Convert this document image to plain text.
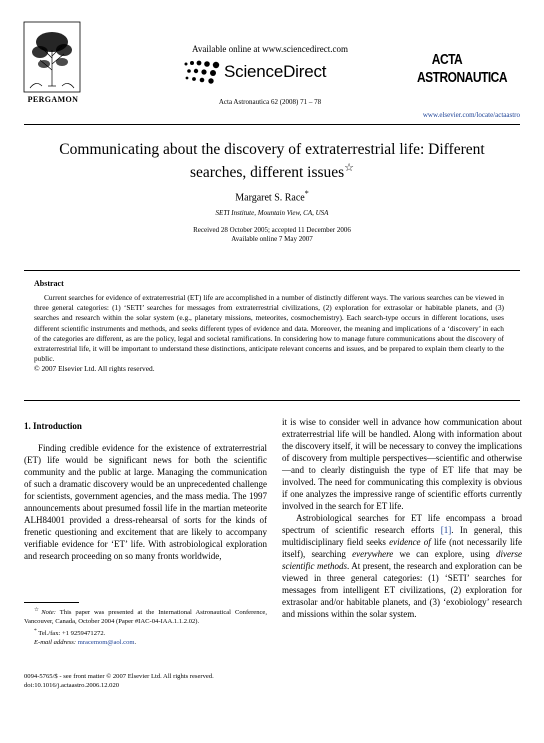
PERGAMON
Available online at www.sciencedirect.com
ScienceDirect
Acta Astronautica 62 (2008) 71 – 78
ACTA ASTRONAUTICA
www.elsevier.com/locate/actaastro
Communicating about the discovery of extraterrestrial life: Different
searches, different issues☆
Margaret S. Race*
SETI Institute, Mountain View, CA, USA
Received 28 October 2005; accepted 11 December 2006
Available online 7 May 2007
Abstract

Current searches for evidence of extraterrestrial (ET) life are accomplished in a number of distinctly different ways. The various searches can be viewed in three general categories: (1) ‘SETI’ searches for messages from extraterrestrial civilizations, (2) exploration for extrasolar or habitable planets, and (3) searches and research within the solar system (e.g., planetary missions, meteorites, cosmochemistry). Each search-type occurs in different locations, uses different scientific instruments and methods, and seeks different types of evidence and data. Moreover, the meaning and implications of a ‘discovery’ in each of the categories are different, as are the policy, legal and societal ramifications. In considering how to manage future communications about the discovery of extraterrestrial life, it will be important to understand these distinctions, anticipate relevant concerns and issues, and be prepared to explain them clearly to the public.

© 2007 Elsevier Ltd. All rights reserved.
1. Introduction

Finding credible evidence for the existence of extraterrestrial (ET) life would be significant news for both the scientific community and the public at large. Managing the communication of such a dramatic discovery would be an unprecedented challenge for scientists, government agencies, and the mass media. The 1997 announcements about presumed fossil life in the martian meteorite ALH84001 provided a dress-rehearsal of sorts for the kinds of frenetic questioning and excitement that are likely to accompany verifiable evidence for ‘ET’ life. With astrobiological exploration and research proceeding on so many fronts worldwide,

it is wise to consider well in advance how communication about extraterrestrial life will be handled. Along with information about the discovery itself, it will be necessary to convey the implications of discovery from multiple perspectives—scientific and otherwise—and to clearly distinguish the type of ET life that may be involved. The need for communicating this complexity is obvious if one analyzes the impressive range of scientific efforts currently involved in the search for ET life.

Astrobiological searches for ET life encompass a broad spectrum of scientific research efforts [1]. In general, this multidisciplinary field seeks evidence of life (not necessarily life itself), searching everywhere we can explore, using diverse scientific methods. At present, the research and exploration can be viewed in three general categories: (1) ‘SETI’ searches for messages from intelligent ET civilizations, (2) exploration for extrasolar and/or habitable planets, and (3) ‘exobiology’ research and missions within the solar system.

☆Note: This paper was presented at the International Astronautical Conference, Vancouver, Canada, October 2004 (Paper #IAC-04-IAA.1.1.2.02).

* Tel./fax: +1 9259471272.

E-mail address: mracemom@aol.com.

0094-5765/$ - see front matter © 2007 Elsevier Ltd. All rights reserved.
doi:10.1016/j.actaastro.2006.12.020
